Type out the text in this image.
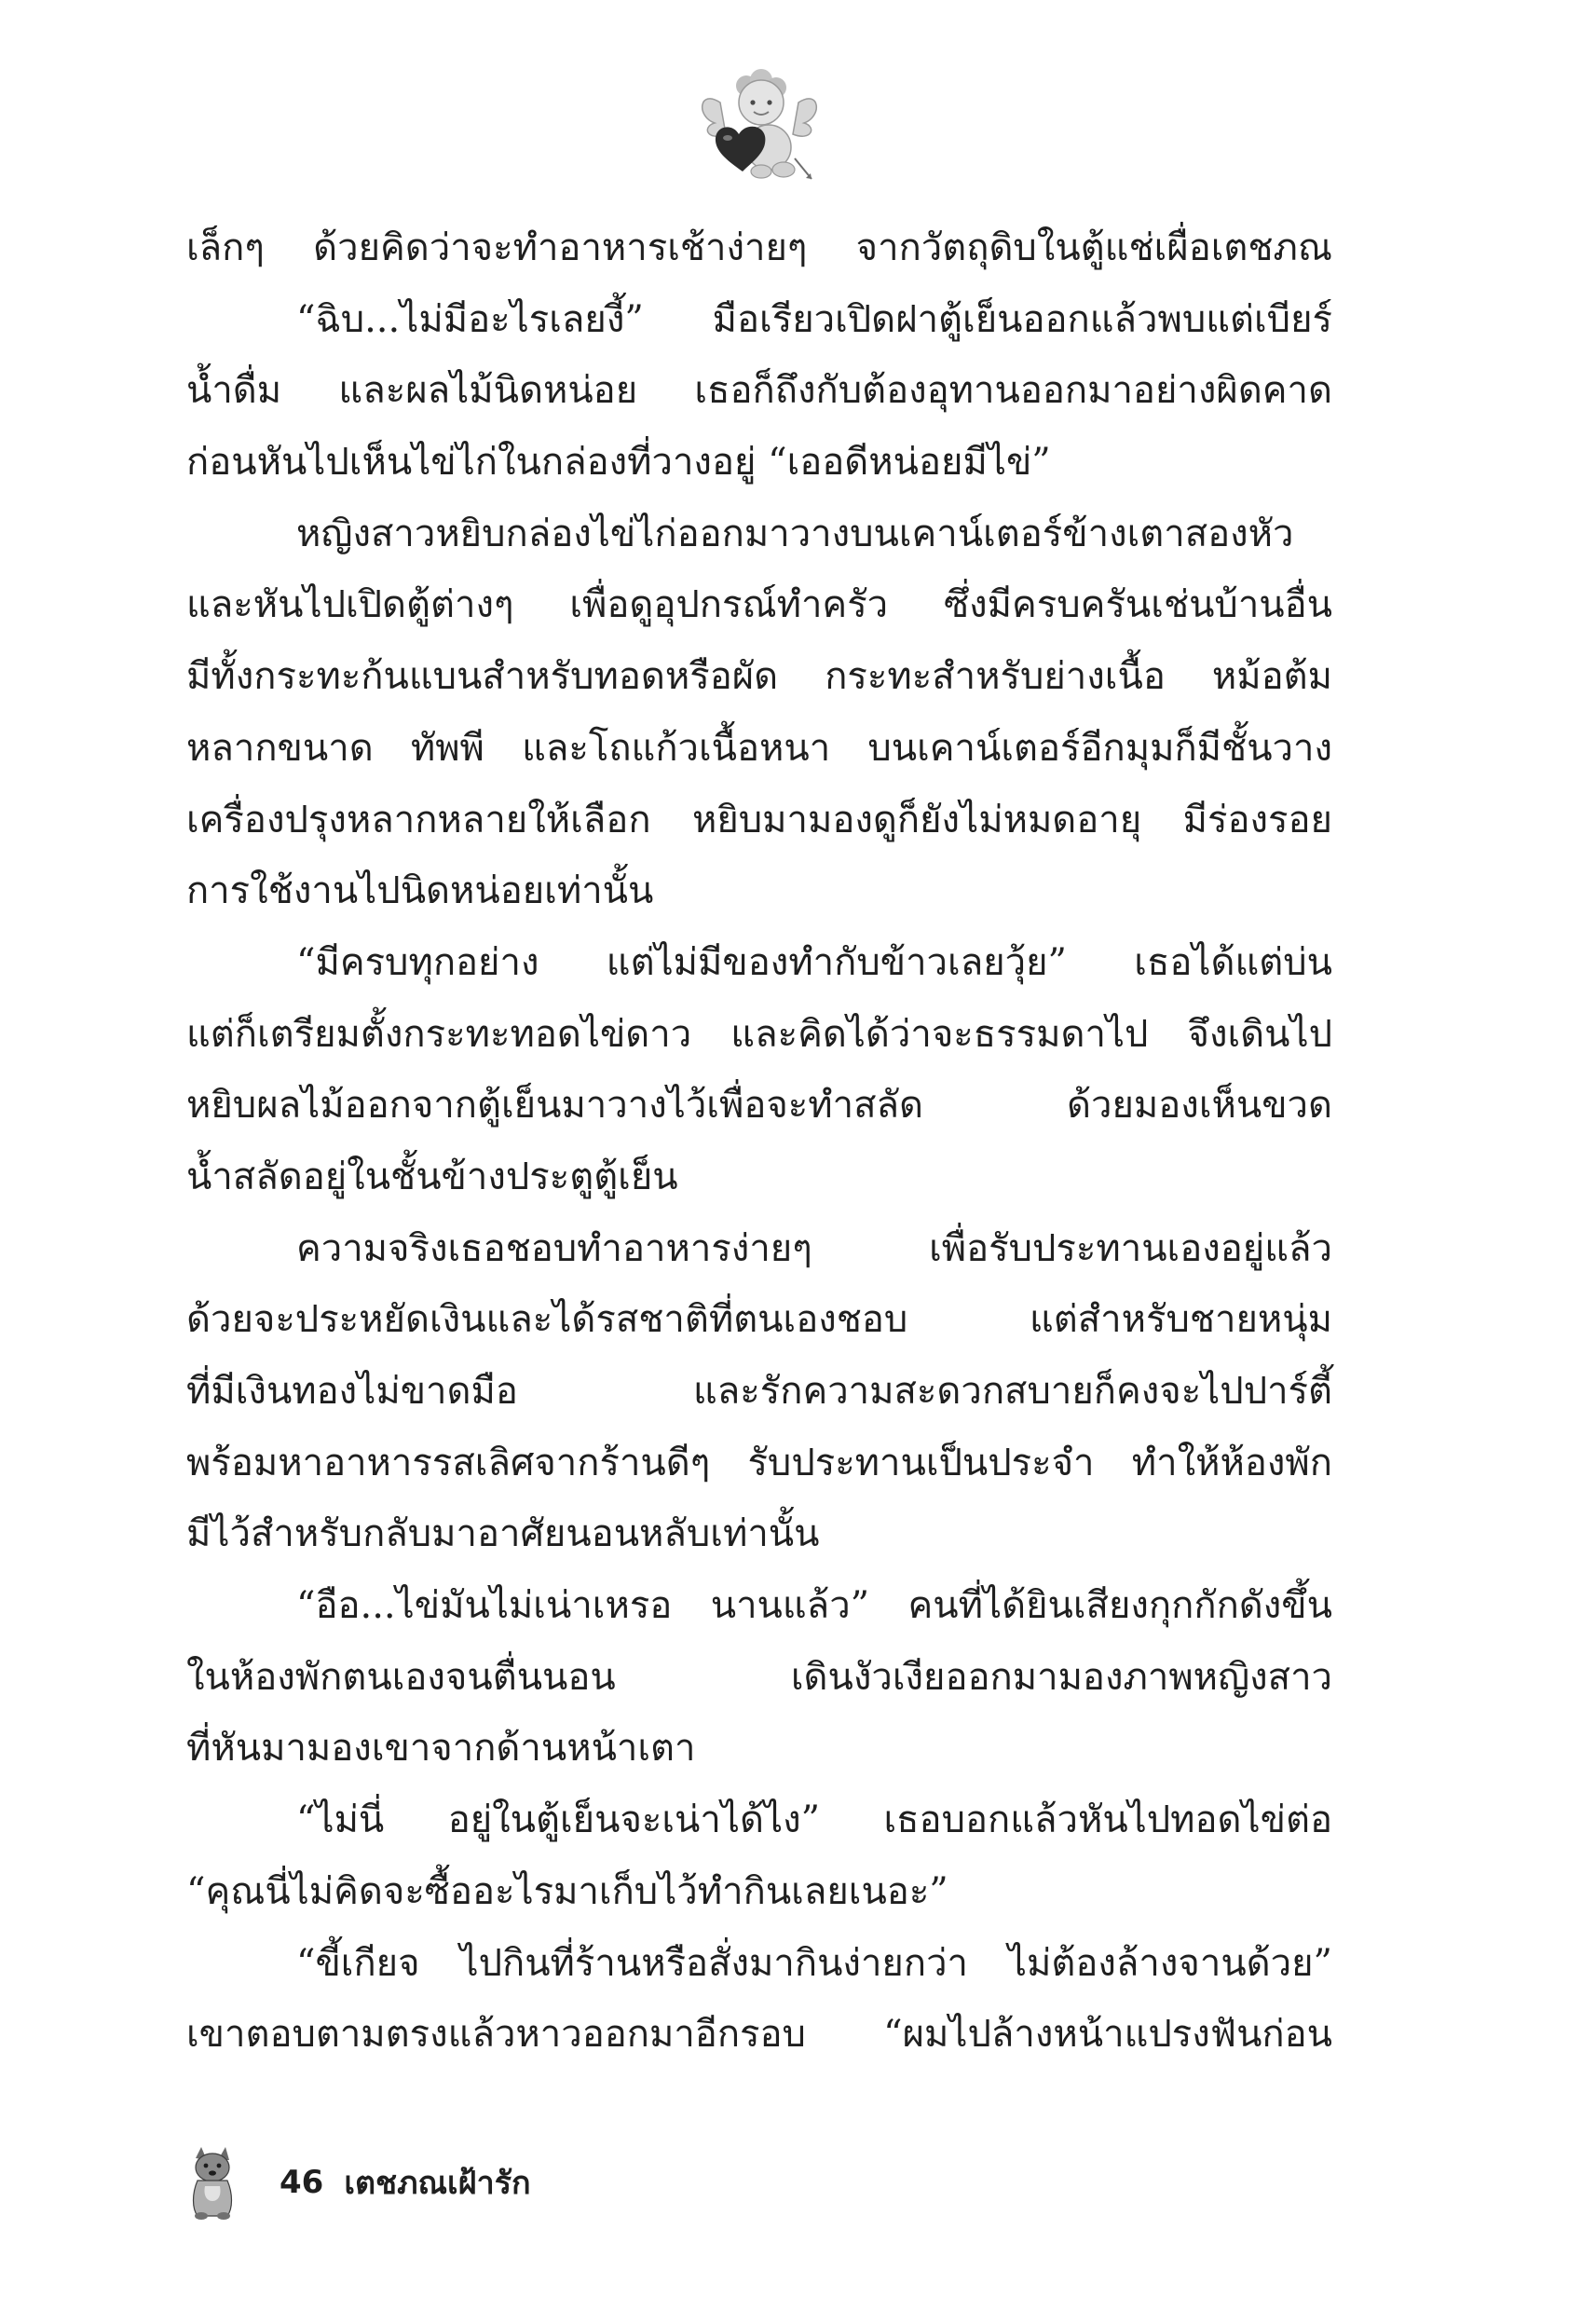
เล็กๆ ด้วยคิดว่าจะทำอาหารเช้าง่ายๆ จากวัตถุดิบในตู้แช่เผื่อเตชภณ
“ฉิบ...ไม่มีอะไรเลยงี้” มือเรียวเปิดฝาตู้เย็นออกแล้วพบแต่เบียร์
น้ำดื่ม และผลไม้นิดหน่อย เธอก็ถึงกับต้องอุทานออกมาอย่างผิดคาด
ก่อนหันไปเห็นไข่ไก่ในกล่องที่วางอยู่ “เออดีหน่อยมีไข่”
หญิงสาวหยิบกล่องไข่ไก่ออกมาวางบนเคาน์เตอร์ข้างเตาสองหัว
และหันไปเปิดตู้ต่างๆ เพื่อดูอุปกรณ์ทำครัว ซึ่งมีครบครันเช่นบ้านอื่น
มีทั้งกระทะก้นแบนสำหรับทอดหรือผัด กระทะสำหรับย่างเนื้อ หม้อต้ม
หลากขนาด ทัพพี และโถแก้วเนื้อหนา บนเคาน์เตอร์อีกมุมก็มีชั้นวาง
เครื่องปรุงหลากหลายให้เลือก หยิบมามองดูก็ยังไม่หมดอายุ มีร่องรอย
การใช้งานไปนิดหน่อยเท่านั้น
“มีครบทุกอย่าง แต่ไม่มีของทำกับข้าวเลยวุ้ย” เธอได้แต่บ่น
แต่ก็เตรียมตั้งกระทะทอดไข่ดาว และคิดได้ว่าจะธรรมดาไป จึงเดินไป
หยิบผลไม้ออกจากตู้เย็นมาวางไว้เพื่อจะทำสลัด ด้วยมองเห็นขวด
น้ำสลัดอยู่ในชั้นข้างประตูตู้เย็น
ความจริงเธอชอบทำอาหารง่ายๆ เพื่อรับประทานเองอยู่แล้ว
ด้วยจะประหยัดเงินและได้รสชาติที่ตนเองชอบ แต่สำหรับชายหนุ่ม
ที่มีเงินทองไม่ขาดมือ และรักความสะดวกสบายก็คงจะไปปาร์ตี้
พร้อมหาอาหารรสเลิศจากร้านดีๆ รับประทานเป็นประจำ ทำให้ห้องพัก
มีไว้สำหรับกลับมาอาศัยนอนหลับเท่านั้น
“อือ...ไข่มันไม่เน่าเหรอ นานแล้ว” คนที่ได้ยินเสียงกุกกักดังขึ้น
ในห้องพักตนเองจนตื่นนอน เดินงัวเงียออกมามองภาพหญิงสาว
ที่หันมามองเขาจากด้านหน้าเตา
“ไม่นี่ อยู่ในตู้เย็นจะเน่าได้ไง” เธอบอกแล้วหันไปทอดไข่ต่อ
“คุณนี่ไม่คิดจะซื้ออะไรมาเก็บไว้ทำกินเลยเนอะ”
“ขี้เกียจ ไปกินที่ร้านหรือสั่งมากินง่ายกว่า ไม่ต้องล้างจานด้วย”
เขาตอบตามตรงแล้วหาวออกมาอีกรอบ “ผมไปล้างหน้าแปรงฟันก่อน
46 เตชภณเฝ้ารัก
